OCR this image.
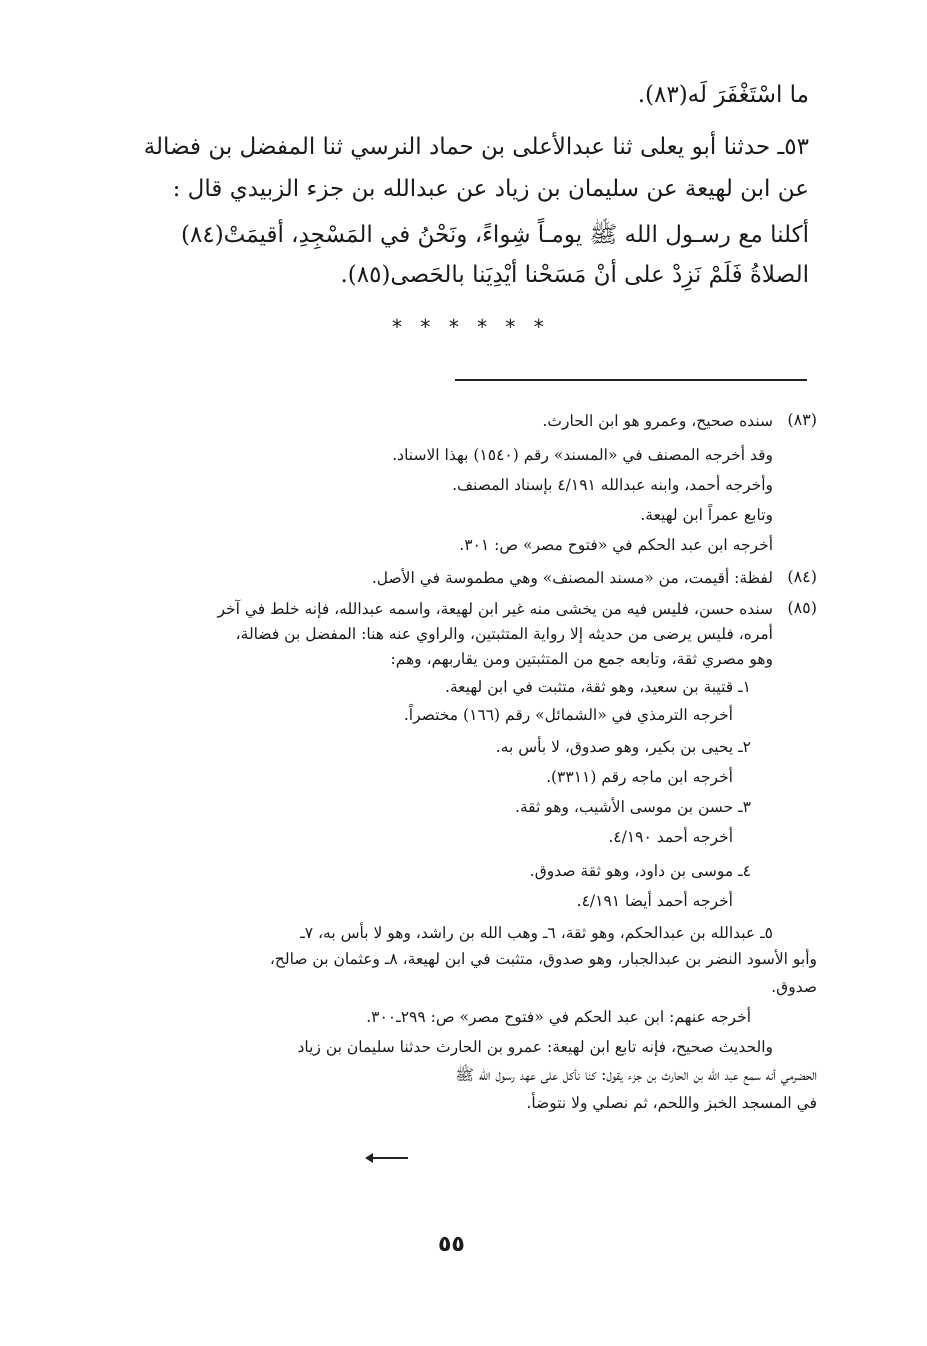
ما اسْتَغْفَرَ لَه(٨٣).
٥٣ـ حدثنا أبو يعلى ثنا عبدالأعلى بن حماد النرسي ثنا المفضل بن فضالة
عن ابن لهيعة عن سليمان بن زياد عن عبدالله بن جزء الزبيدي قال :
أكلنا مع رسـول الله ﷺ يومـاً شِواءً، ونَحْنُ في المَسْجِدِ، أقيمَتْ(٨٤)
الصلاةُ فَلَمْ نَزِدْ على أنْ مَسَحْنا أيْدِيَنا بالحَصى(٨٥).
* * * * * *
(٨٣)
سنده صحيح، وعمرو هو ابن الحارث.
وقد أخرجه المصنف في «المسند» رقم (١٥٤٠) بهذا الاسناد.
وأخرجه أحمد، وابنه عبدالله ٤/١٩١ بإسناد المصنف.
وتابع عمراً ابن لهيعة.
أخرجه ابن عبد الحكم في «فتوح مصر» ص: ٣٠١.
(٨٤)
لفظة: أقيمت، من «مسند المصنف» وهي مطموسة في الأصل.
(٨٥)
سنده حسن، فليس فيه من يخشى منه غير ابن لهيعة، واسمه عبدالله، فإنه خلط في آخر
أمره، فليس يرضى من حديثه إلا رواية المتثبتين، والراوي عنه هنا: المفضل بن فضالة،
وهو مصري ثقة، وتابعه جمع من المتثبتين ومن يقاربهم، وهم:
١ـ قتيبة بن سعيد، وهو ثقة، متثبت في ابن لهيعة.
أخرجه الترمذي في «الشمائل» رقم (١٦٦) مختصراً.
٢ـ يحيى بن بكير، وهو صدوق، لا بأس به.
أخرجه ابن ماجه رقم (٣٣١١).
٣ـ حسن بن موسى الأشيب، وهو ثقة.
أخرجه أحمد ٤/١٩٠.
٤ـ موسى بن داود، وهو ثقة صدوق.
أخرجه أحمد أيضا ٤/١٩١.
٥ـ عبدالله بن عبدالحكم، وهو ثقة، ٦ـ وهب الله بن راشد، وهو لا بأس به، ٧ـ
وأبو الأسود النضر بن عبدالجبار، وهو صدوق، متثبت في ابن لهيعة، ٨ـ وعثمان بن صالح،
صدوق.
أخرجه عنهم: ابن عبد الحكم في «فتوح مصر» ص: ٢٩٩ـ٣٠٠.
والحديث صحيح، فإنه تابع ابن لهيعة: عمرو بن الحارث حدثنا سليمان بن زياد
الحضرمي أنه سمع عبد الله بن الحارث بن جزء يقول: كنا نأكل على عهد رسول الله ﷺ
في المسجد الخبز واللحم، ثم نصلي ولا نتوضأ.
٥٥
